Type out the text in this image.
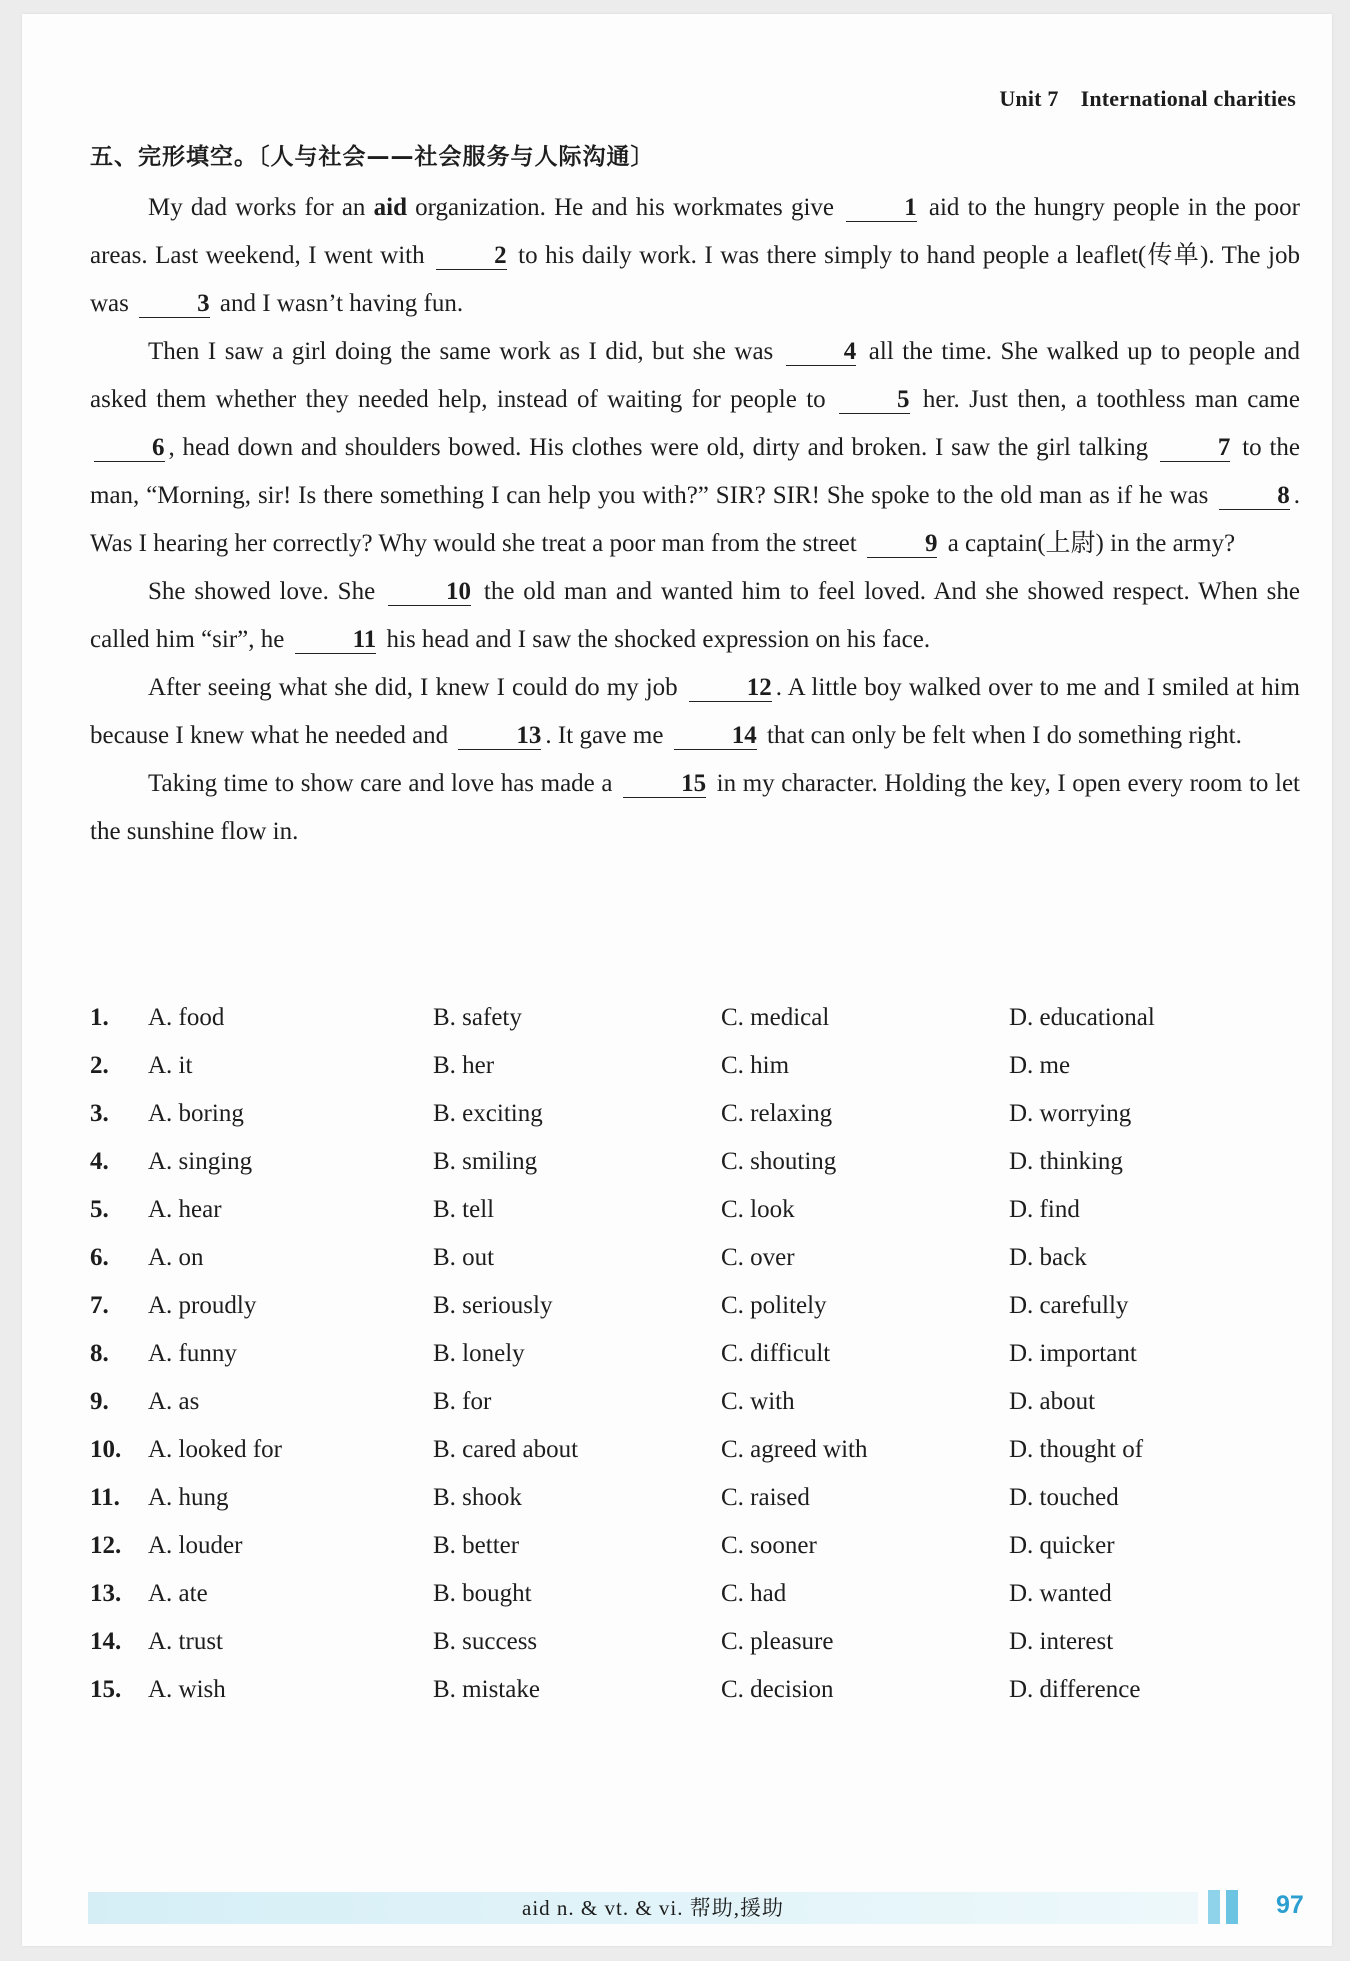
Unit 7 International charities
五、完形填空。〔人与社会——社会服务与人际沟通〕

My dad works for an aid organization. He and his workmates give 1 aid to the hungry people in the poor areas. Last weekend, I went with 2 to his daily work. I was there simply to hand people a leaflet(传单). The job was 3 and I wasn’t having fun.

Then I saw a girl doing the same work as I did, but she was 4 all the time. She walked up to people and asked them whether they needed help, instead of waiting for people to 5 her. Just then, a toothless man came 6 , head down and shoulders bowed. His clothes were old, dirty and broken. I saw the girl talking 7 to the man, “Morning, sir! Is there something I can help you with?” SIR? SIR! She spoke to the old man as if he was 8 . Was I hearing her correctly? Why would she treat a poor man from the street 9 a captain(上尉) in the army?

She showed love. She 10 the old man and wanted him to feel loved. And she showed respect. When she called him “sir”, he 11 his head and I saw the shocked expression on his face.

After seeing what she did, I knew I could do my job 12 . A little boy walked over to me and I smiled at him because I knew what he needed and 13 . It gave me 14 that can only be felt when I do something right.

Taking time to show care and love has made a 15 in my character. Holding the key, I open every room to let the sunshine flow in.

1. A. food	B. safety	C. medical	D. educational
2. A. it	B. her	C. him	D. me
3. A. boring	B. exciting	C. relaxing	D. worrying
4. A. singing	B. smiling	C. shouting	D. thinking
5. A. hear	B. tell	C. look	D. find
6. A. on	B. out	C. over	D. back
7. A. proudly	B. seriously	C. politely	D. carefully
8. A. funny	B. lonely	C. difficult	D. important
9. A. as	B. for	C. with	D. about
10. A. looked for	B. cared about	C. agreed with	D. thought of
11. A. hung	B. shook	C. raised	D. touched
12. A. louder	B. better	C. sooner	D. quicker
13. A. ate	B. bought	C. had	D. wanted
14. A. trust	B. success	C. pleasure	D. interest
15. A. wish	B. mistake	C. decision	D. difference
aid n. & vt. & vi. 帮助,援助	97
